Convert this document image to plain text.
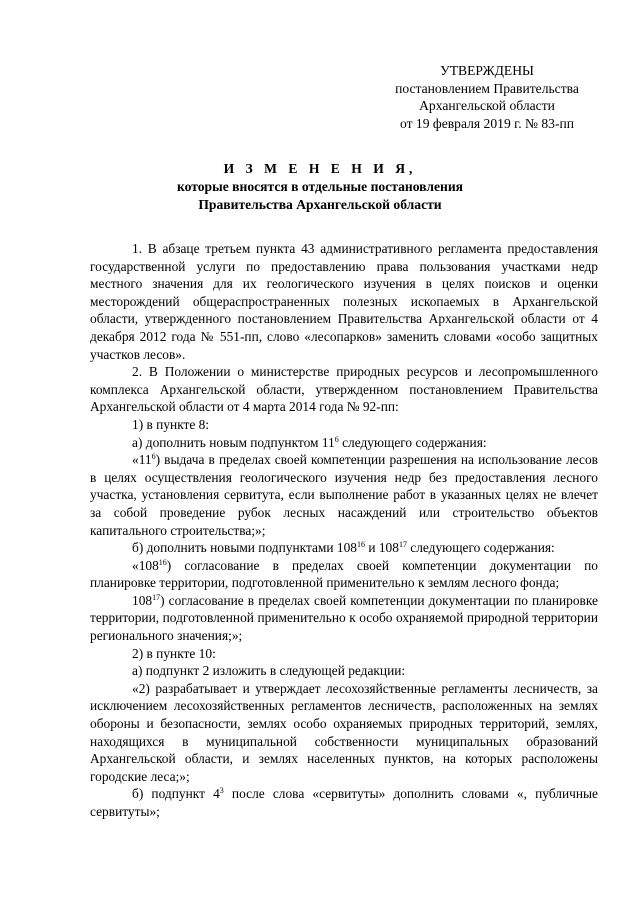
УТВЕРЖДЕНЫ
постановлением Правительства
Архангельской области
от 19 февраля 2019 г. № 83-пп
И З М Е Н Е Н И Я,
которые вносятся в отдельные постановления
Правительства Архангельской области

1. В абзаце третьем пункта 43 административного регламента предоставления государственной услуги по предоставлению права пользования участками недр местного значения для их геологического изучения в целях поисков и оценки месторождений общераспространенных полезных ископаемых в Архангельской области, утвержденного постановлением Правительства Архангельской области от 4 декабря 2012 года № 551-пп, слово «лесопарков» заменить словами «особо защитных участков лесов».

2. В Положении о министерстве природных ресурсов и лесопромышленного комплекса Архангельской области, утвержденном постановлением Правительства Архангельской области от 4 марта 2014 года № 92-пп:

1) в пункте 8:

а) дополнить новым подпунктом $11^6$ следующего содержания:

«$11^6$) выдача в пределах своей компетенции разрешения на использование лесов в целях осуществления геологического изучения недр без предоставления лесного участка, установления сервитута, если выполнение работ в указанных целях не влечет за собой проведение рубок лесных насаждений или строительство объектов капитального строительства;»;

б) дополнить новыми подпунктами $108^{16}$ и $108^{17}$ следующего содержания:

«$108^{16}$) согласование в пределах своей компетенции документации по планировке территории, подготовленной применительно к землям лесного фонда;

$108^{17}$) согласование в пределах своей компетенции документации по планировке территории, подготовленной применительно к особо охраняемой природной территории регионального значения;»;

2) в пункте 10:

а) подпункт 2 изложить в следующей редакции:

«2) разрабатывает и утверждает лесохозяйственные регламенты лесничеств, за исключением лесохозяйственных регламентов лесничеств, расположенных на землях обороны и безопасности, землях особо охраняемых природных территорий, землях, находящихся в муниципальной собственности муниципальных образований Архангельской области, и землях населенных пунктов, на которых расположены городские леса;»;

б) подпункт $4^3$ после слова «сервитуты» дополнить словами «, публичные сервитуты»;
